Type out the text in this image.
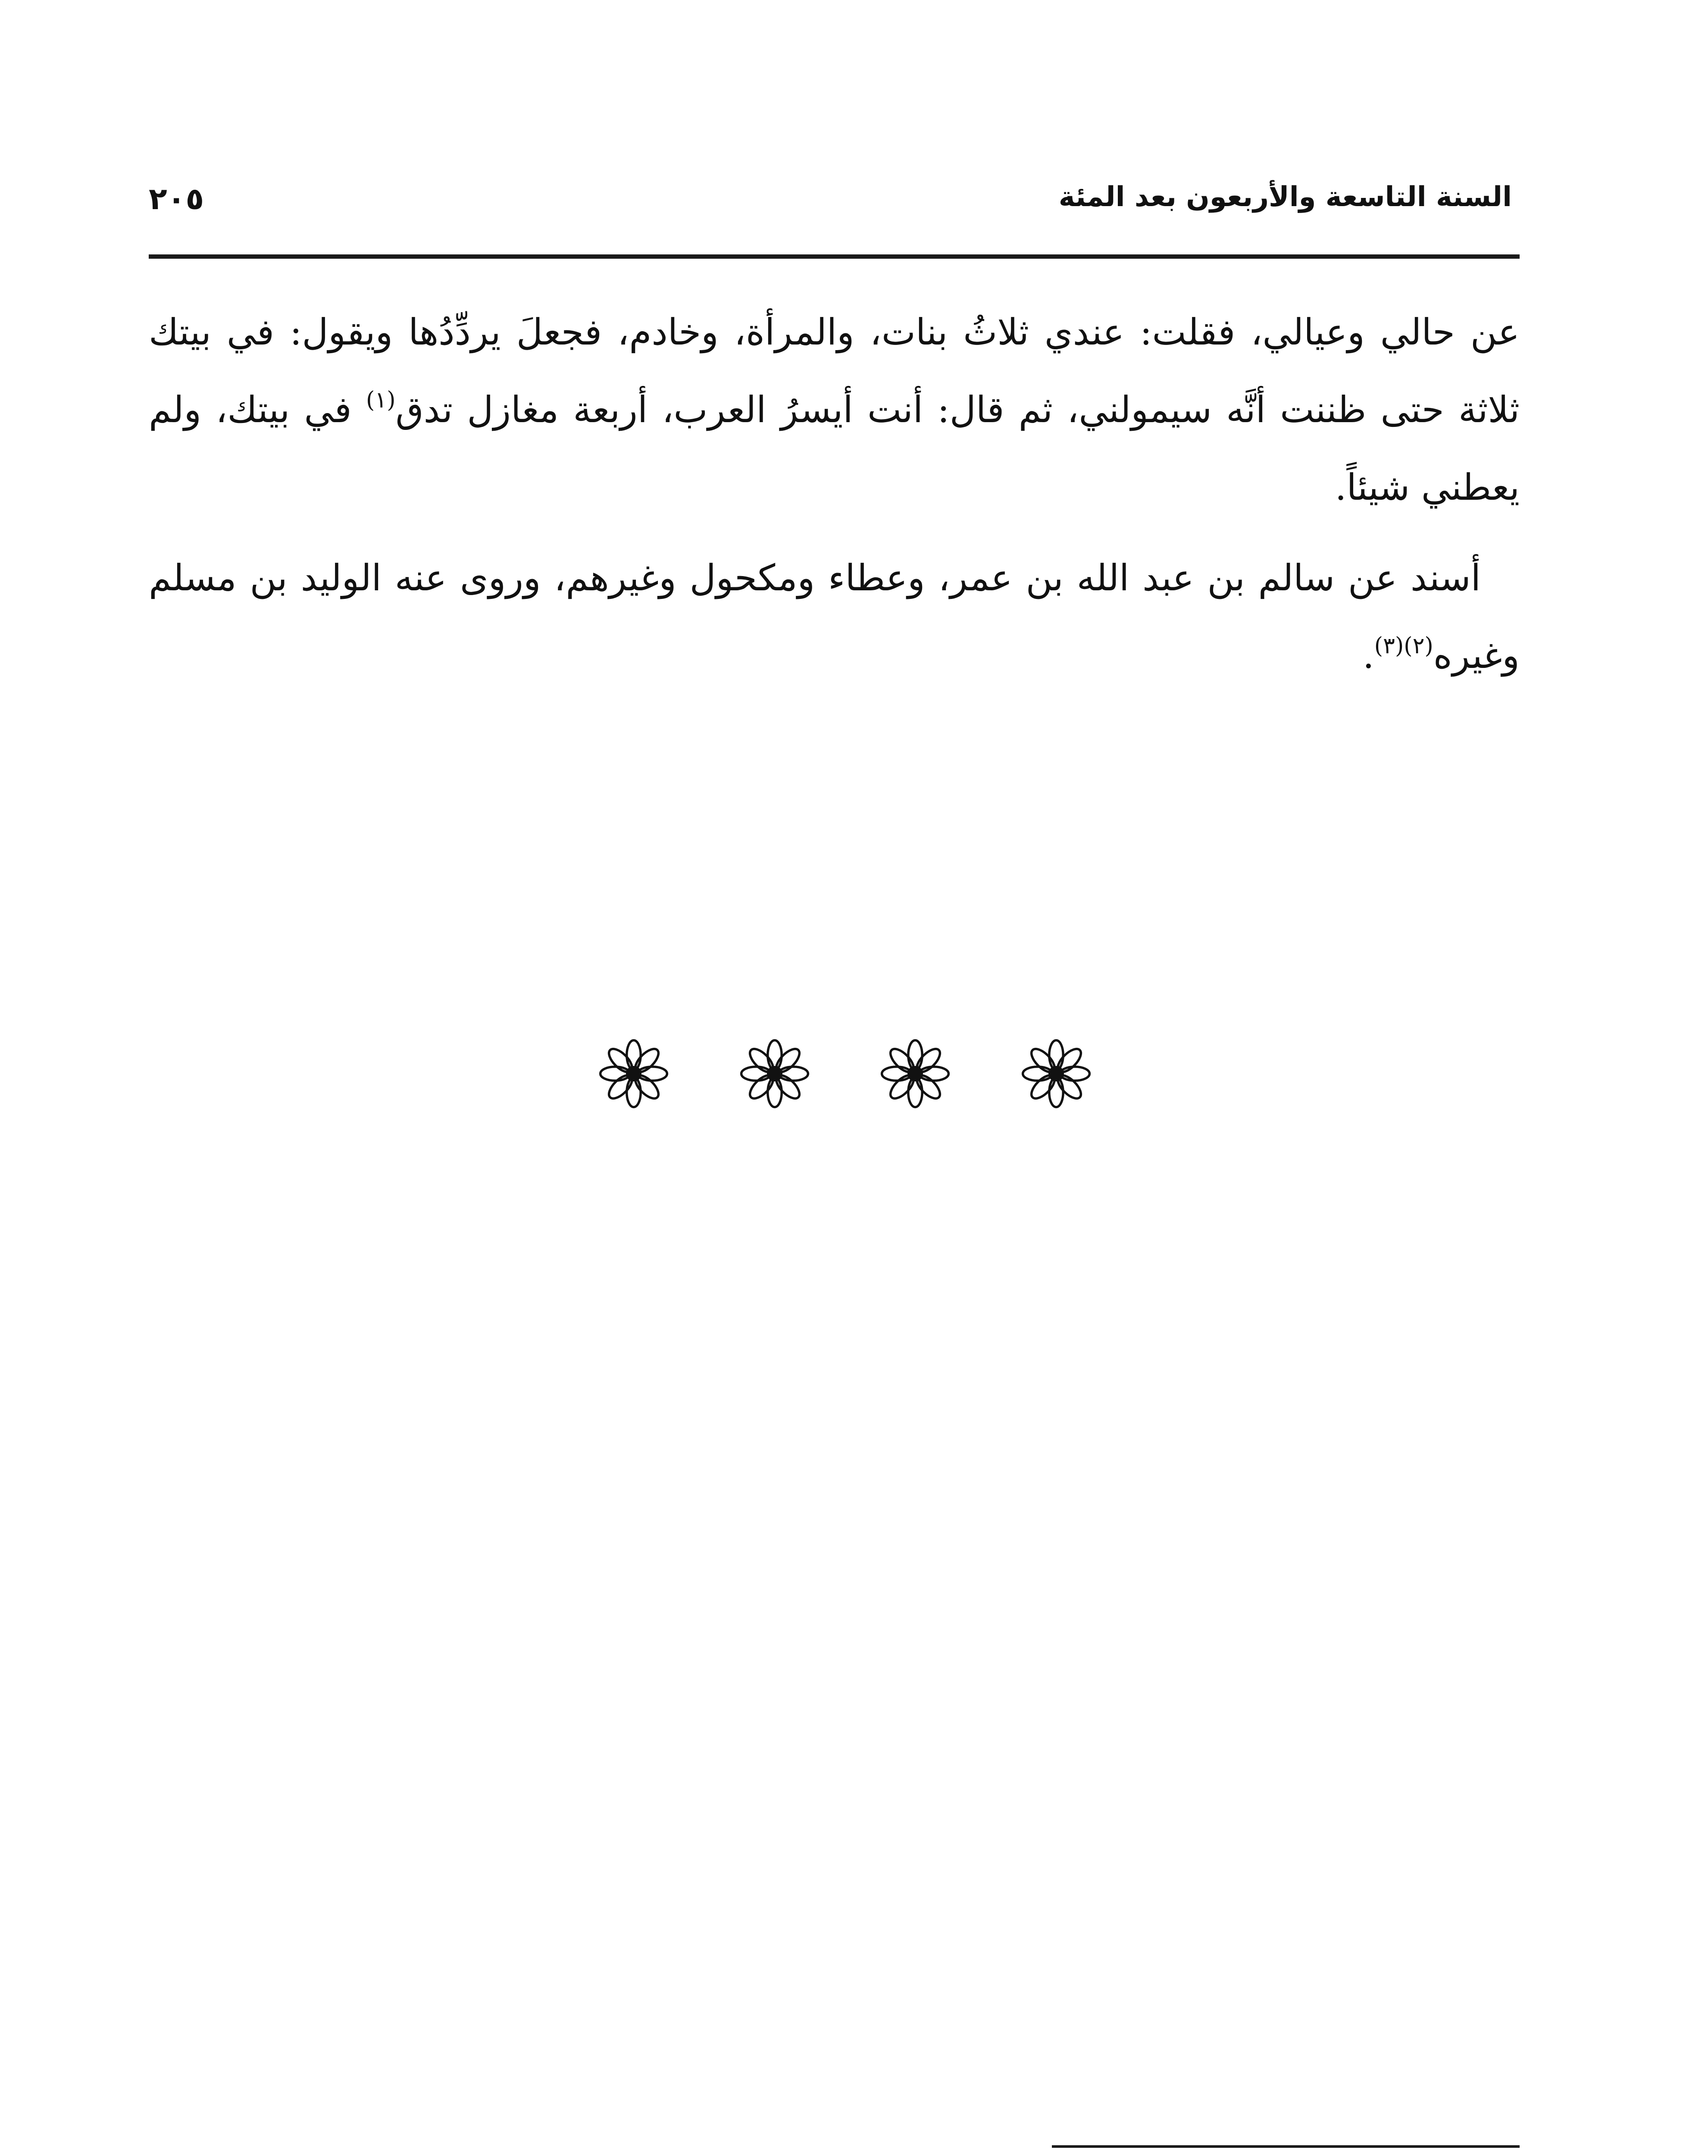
السنة التاسعة والأربعون بعد المئة
٢٠٥

عن حالي وعيالي، فقلت: عندي ثلاثُ بنات، والمرأة، وخادم، فجعلَ يردِّدُها ويقول: في بيتك ثلاثة حتى ظننت أنَّه سيمولني، ثم قال: أنت أيسرُ العرب، أربعة مغازل تدق$^{(١)}$ في بيتك، ولم يعطني شيئاً.

أسند عن سالم بن عبد الله بن عمر، وعطاء ومكحول وغيرهم، وروى عنه الوليد بن مسلم وغيره$^{(٢)(٣)}$.
